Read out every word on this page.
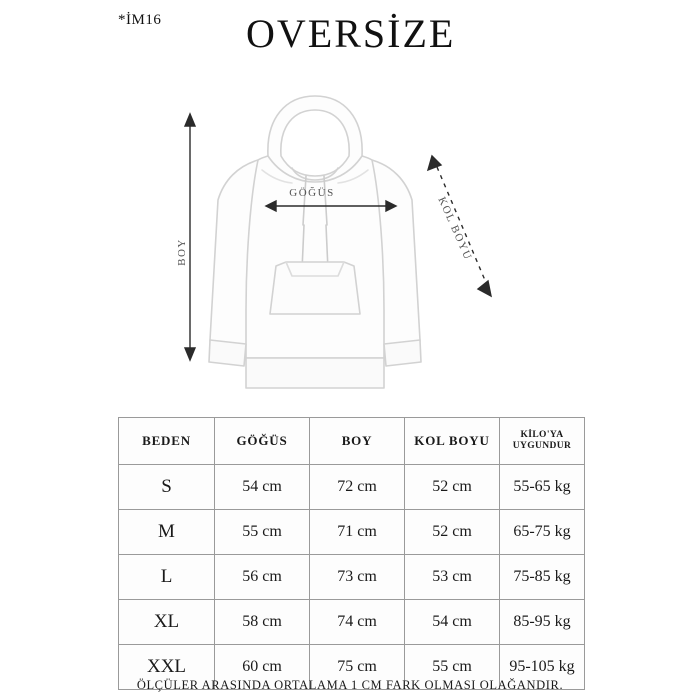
*İM16 OVERSİZE
GÖĞÜS
BOY	KOL BOYU
BEDEN	GÖĞÜS	BOY	KOL BOYU	KİLO'YA
UYGUNDUR

S	54 cm	72 cm	52 cm	55-65 kg
M	55 cm	71 cm	52 cm	65-75 kg
L	56 cm	73 cm	53 cm	75-85 kg
XL	58 cm	74 cm	54 cm	85-95 kg
XXL	60 cm	75 cm	55 cm	95-105 kg
ÖLÇÜLER ARASINDA ORTALAMA 1 CM FARK OLMASI OLAĞANDIR.
